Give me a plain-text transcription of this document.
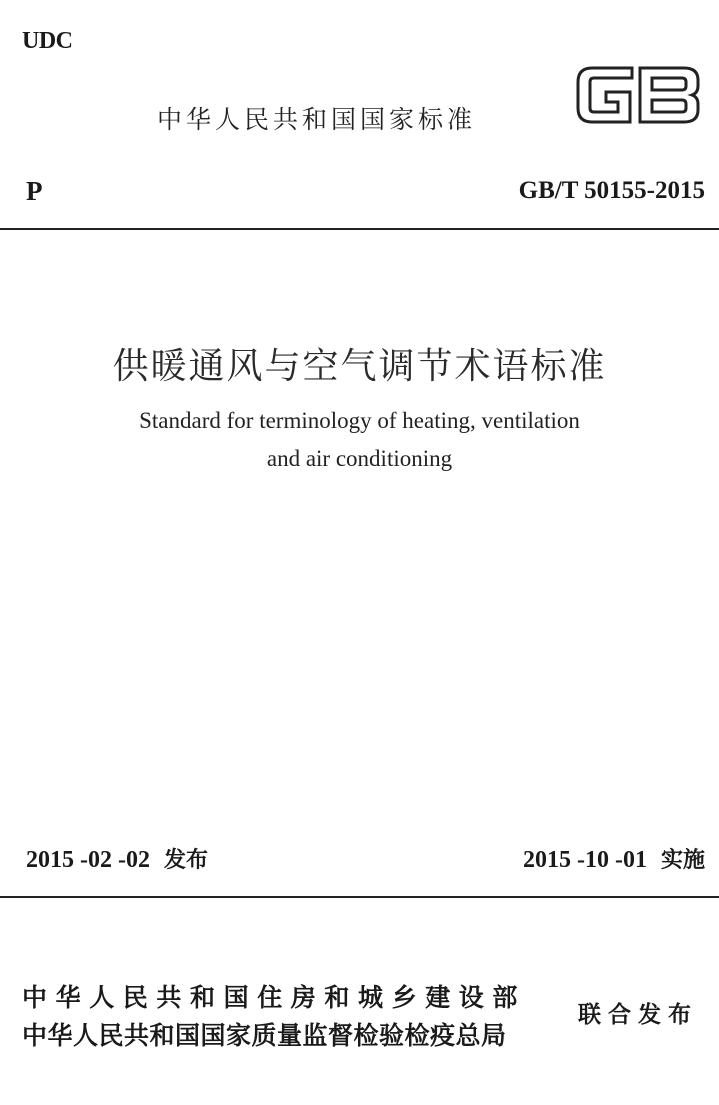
UDC
中华人民共和国国家标准
P	GB/T 50155-2015
供暖通风与空气调节术语标准
Standard for terminology of heating, ventilation
and air conditioning
2015 -02 -02 发布	2015 -10 -01 实施
中华人民共和国住房和城乡建设部
中华人民共和国国家质量监督检验检疫总局
联合发布
